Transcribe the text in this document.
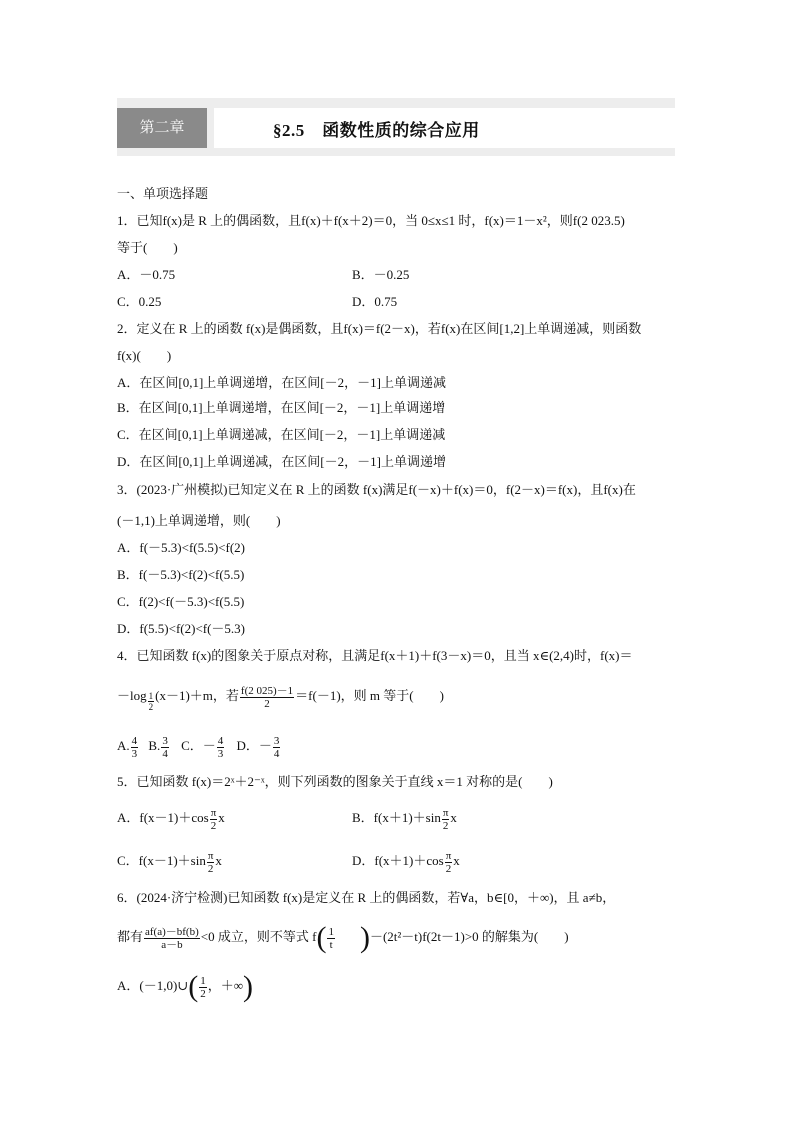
第二章	§2.5　函数性质的综合应用
一、单项选择题
1．已知f(x)是 R 上的偶函数，且f(x)＋f(x＋2)＝0，当 0≤x≤1 时，f(x)＝1－x²，则f(2 023.5)
等于(　　)
A．－0.75	B．－0.25
C．0.25	D．0.75
2．定义在 R 上的函数 f(x)是偶函数，且f(x)＝f(2－x)，若f(x)在区间[1,2]上单调递减，则函数
f(x)(　　)
A．在区间[0,1]上单调递增，在区间[－2，－1]上单调递减
B．在区间[0,1]上单调递增，在区间[－2，－1]上单调递增
C．在区间[0,1]上单调递减，在区间[－2，－1]上单调递减
D．在区间[0,1]上单调递减，在区间[－2，－1]上单调递增
3．(2023·广州模拟)已知定义在 R 上的函数 f(x)满足f(－x)＋f(x)＝0，f(2－x)＝f(x)，且f(x)在
(－1,1)上单调递增，则(　　)
A．f(－5.3)<f(5.5)<f(2)
B．f(－5.3)<f(2)<f(5.5)
C．f(2)<f(－5.3)<f(5.5)
D．f(5.5)<f(2)<f(－5.3)
4．已知函数 f(x)的图象关于原点对称，且满足f(x＋1)＋f(3－x)＝0，且当 x∈(2,4)时，f(x)＝
$-\log \frac{1}{2} (x-1)+m$，若 $\frac{f(2 025)-1}{2} =f(-1)$，则 m 等于(　　)
A. $\frac{4}{3} B$. $\frac{3}{4}$ C．－ $\frac{4}{3}$ D．－ $\frac{3}{4}$
5．已知函数 f(x)＝2ˣ＋2⁻ˣ，则下列函数的图象关于直线 x＝1 对称的是(　　)
A．$f(x-1)+\cos \frac{\pi}{2}$ x	B．$f(x+1)+\sin \frac{\pi}{2}$ x
C．$f(x-1)+\sin \frac{\pi}{2}$ x	D．$f(x+1)+\cos \frac{\pi}{2}$ x
6．(2024·济宁检测)已知函数 f(x)是定义在 R 上的偶函数，若∀a，b∈[0，＋∞)，且 a≠b，
都有 $\frac{af(a)-bf(b)}{a-b} <0$ 成立，则不等式 $f( \frac{1}{t} )-(2t^2-t)f(2t-1)>0$ 的解集为(　　)
A．(－1,0)∪( $\frac{1}{2}$ ，＋∞)
